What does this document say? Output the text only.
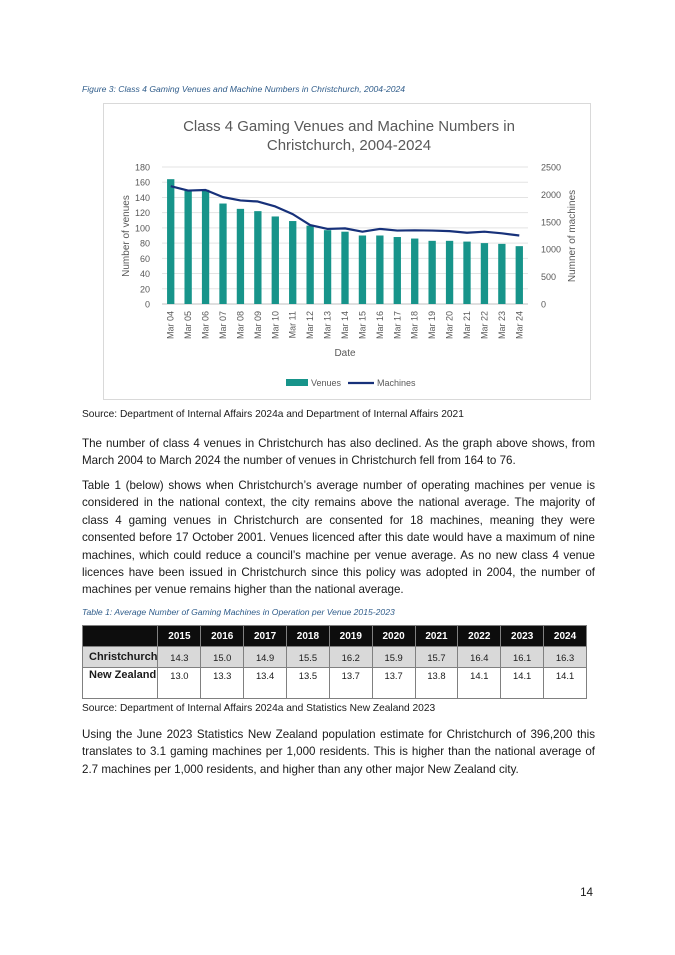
Figure 3: Class 4 Gaming Venues and Machine Numbers in Christchurch, 2004-2024
Class 4 Gaming Venues and Machine Numbers in
Christchurch, 2004-2024
0
20
40
60
80
100
120
140
160
180
0
500
1000
1500
2000
2500
Mar 04 Mar 05 Mar 06 Mar 07 Mar 08 Mar 09 Mar 10 Mar 11 Mar 12 Mar 13 Mar 14 Mar 15 Mar 16 Mar 17 Mar 18 Mar 19 Mar 20 Mar 21 Mar 22 Mar 23 Mar 24
Number of venues	Numner of machines
Date
Venues	Machines
Source: Department of Internal Affairs 2024a and Department of Internal Affairs 2021

The number of class 4 venues in Christchurch has also declined. As the graph above shows, from March 2004 to March 2024 the number of venues in Christchurch fell from 164 to 76.

Table 1 (below) shows when Christchurch’s average number of operating machines per venue is considered in the national context, the city remains above the national average. The majority of class 4 gaming venues in Christchurch are consented for 18 machines, meaning they were consented before 17 October 2001. Venues licenced after this date would have a maximum of nine machines, which could reduce a council’s machine per venue average. As no new class 4 venue licences have been issued in Christchurch since this policy was adopted in 2004, the number of machines per venue remains higher than the national average.

Table 1: Average Number of Gaming Machines in Operation per Venue 2015-2023
	2015	2016	2017	2018	2019	2020	2021	2022	2023	2024
Christchurch	14.3	15.0	14.9	15.5	16.2	15.9	15.7	16.4	16.1	16.3
New Zealand	13.0	13.3	13.4	13.5	13.7	13.7	13.8	14.1	14.1	14.1
Source: Department of Internal Affairs 2024a and Statistics New Zealand 2023

Using the June 2023 Statistics New Zealand population estimate for Christchurch of 396,200 this translates to 3.1 gaming machines per 1,000 residents. This is higher than the national average of 2.7 machines per 1,000 residents, and higher than any other major New Zealand city.

14
